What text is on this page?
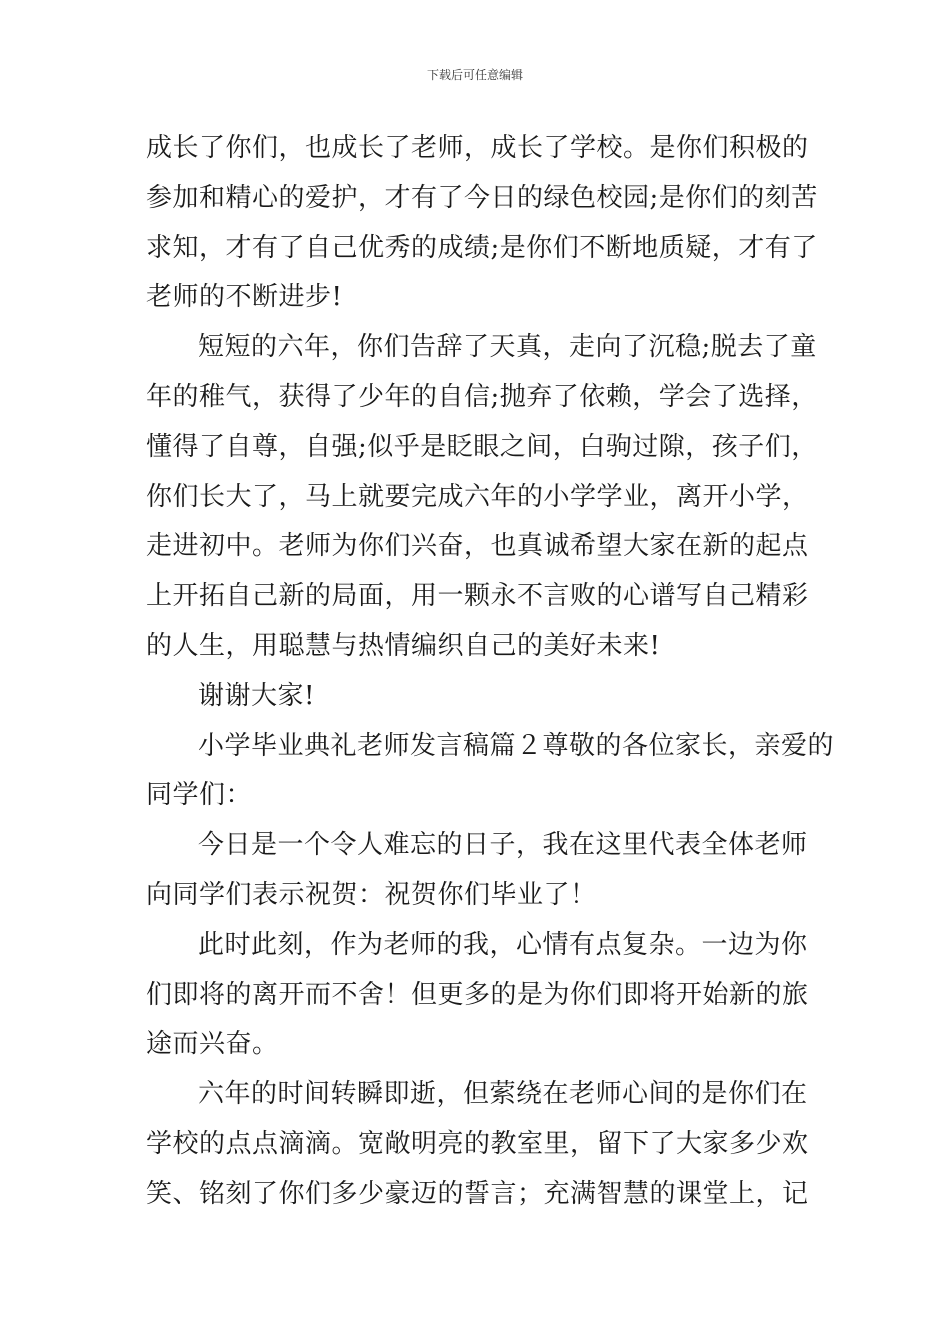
下载后可任意编辑
成长了你们，也成长了老师，成长了学校。是你们积极的
参加和精心的爱护，才有了今日的绿色校园;是你们的刻苦
求知，才有了自己优秀的成绩;是你们不断地质疑，才有了
老师的不断进步!
短短的六年，你们告辞了天真，走向了沉稳;脱去了童
年的稚气，获得了少年的自信;抛弃了依赖，学会了选择，
懂得了自尊，自强;似乎是眨眼之间，白驹过隙，孩子们，
你们长大了，马上就要完成六年的小学学业，离开小学，
走进初中。老师为你们兴奋，也真诚希望大家在新的起点
上开拓自己新的局面，用一颗永不言败的心谱写自己精彩
的人生，用聪慧与热情编织自己的美好未来!
谢谢大家!
小学毕业典礼老师发言稿篇２尊敬的各位家长，亲爱的
同学们：
今日是一个令人难忘的日子，我在这里代表全体老师
向同学们表示祝贺：祝贺你们毕业了！
此时此刻，作为老师的我，心情有点复杂。一边为你
们即将的离开而不舍！但更多的是为你们即将开始新的旅
途而兴奋。
六年的时间转瞬即逝，但萦绕在老师心间的是你们在
学校的点点滴滴。宽敞明亮的教室里，留下了大家多少欢
笑、铭刻了你们多少豪迈的誓言；充满智慧的课堂上，记
